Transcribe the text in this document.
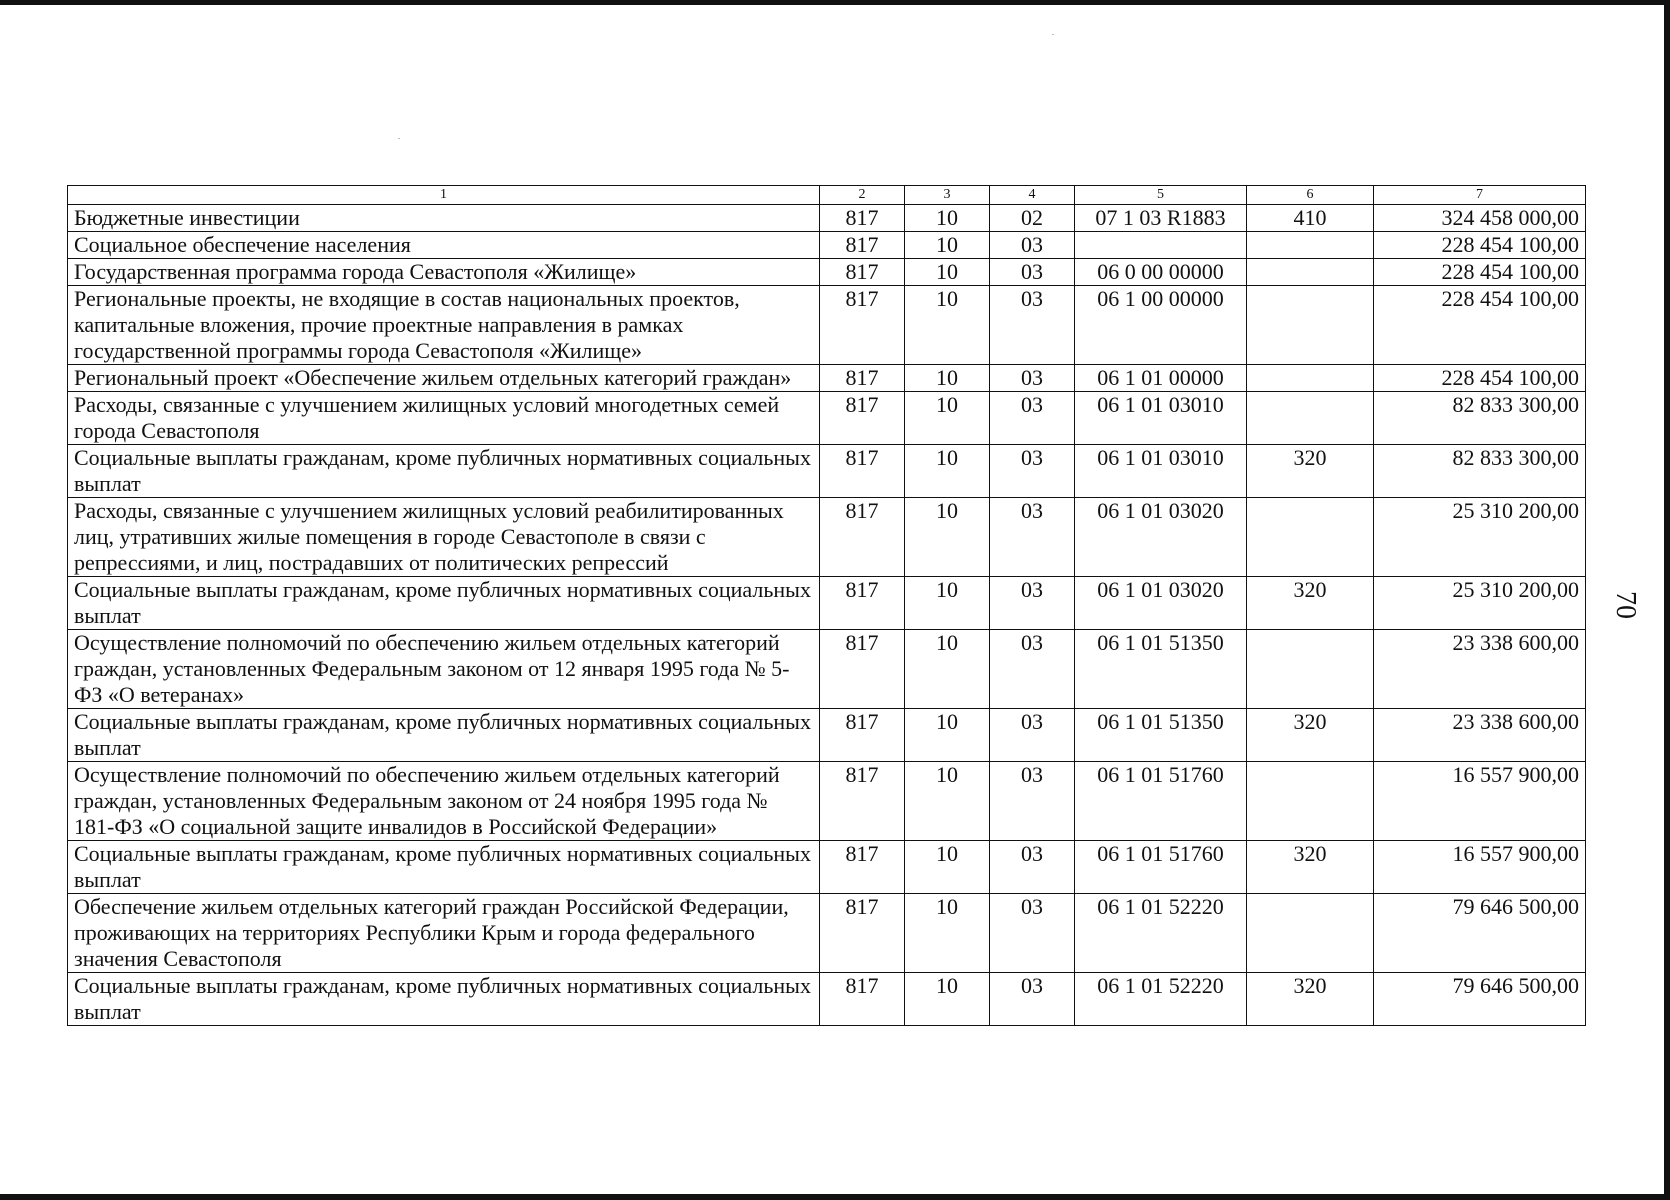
70
1	2	3	4	5	6	7
Бюджетные инвестиции	817	10	02	07 1 03 R1883	410	324 458 000,00
Социальное обеспечение населения	817	10	03			228 454 100,00
Государственная программа города Севастополя «Жилище»	817	10	03	06 0 00 00000		228 454 100,00
Региональные проекты, не входящие в состав национальных проектов, капитальные вложения, прочие проектные направления в рамках государственной программы города Севастополя «Жилище»	817	10	03	06 1 00 00000		228 454 100,00
Региональный проект «Обеспечение жильем отдельных категорий граждан»	817	10	03	06 1 01 00000		228 454 100,00
Расходы, связанные с улучшением жилищных условий многодетных семей города Севастополя	817	10	03	06 1 01 03010		82 833 300,00
Социальные выплаты гражданам, кроме публичных нормативных социальных выплат	817	10	03	06 1 01 03010	320	82 833 300,00
Расходы, связанные с улучшением жилищных условий реабилитированных лиц, утративших жилые помещения в городе Севастополе в связи с репрессиями, и лиц, пострадавших от политических репрессий	817	10	03	06 1 01 03020		25 310 200,00
Социальные выплаты гражданам, кроме публичных нормативных социальных выплат	817	10	03	06 1 01 03020	320	25 310 200,00
Осуществление полномочий по обеспечению жильем отдельных категорий граждан, установленных Федеральным законом от 12 января 1995 года № 5-ФЗ «О ветеранах»	817	10	03	06 1 01 51350		23 338 600,00
Социальные выплаты гражданам, кроме публичных нормативных социальных выплат	817	10	03	06 1 01 51350	320	23 338 600,00
Осуществление полномочий по обеспечению жильем отдельных категорий граждан, установленных Федеральным законом от 24 ноября 1995 года № 181-ФЗ «О социальной защите инвалидов в Российской Федерации»	817	10	03	06 1 01 51760		16 557 900,00
Социальные выплаты гражданам, кроме публичных нормативных социальных выплат	817	10	03	06 1 01 51760	320	16 557 900,00
Обеспечение жильем отдельных категорий граждан Российской Федерации, проживающих на территориях Республики Крым и города федерального значения Севастополя	817	10	03	06 1 01 52220		79 646 500,00
Социальные выплаты гражданам, кроме публичных нормативных социальных выплат	817	10	03	06 1 01 52220	320	79 646 500,00
